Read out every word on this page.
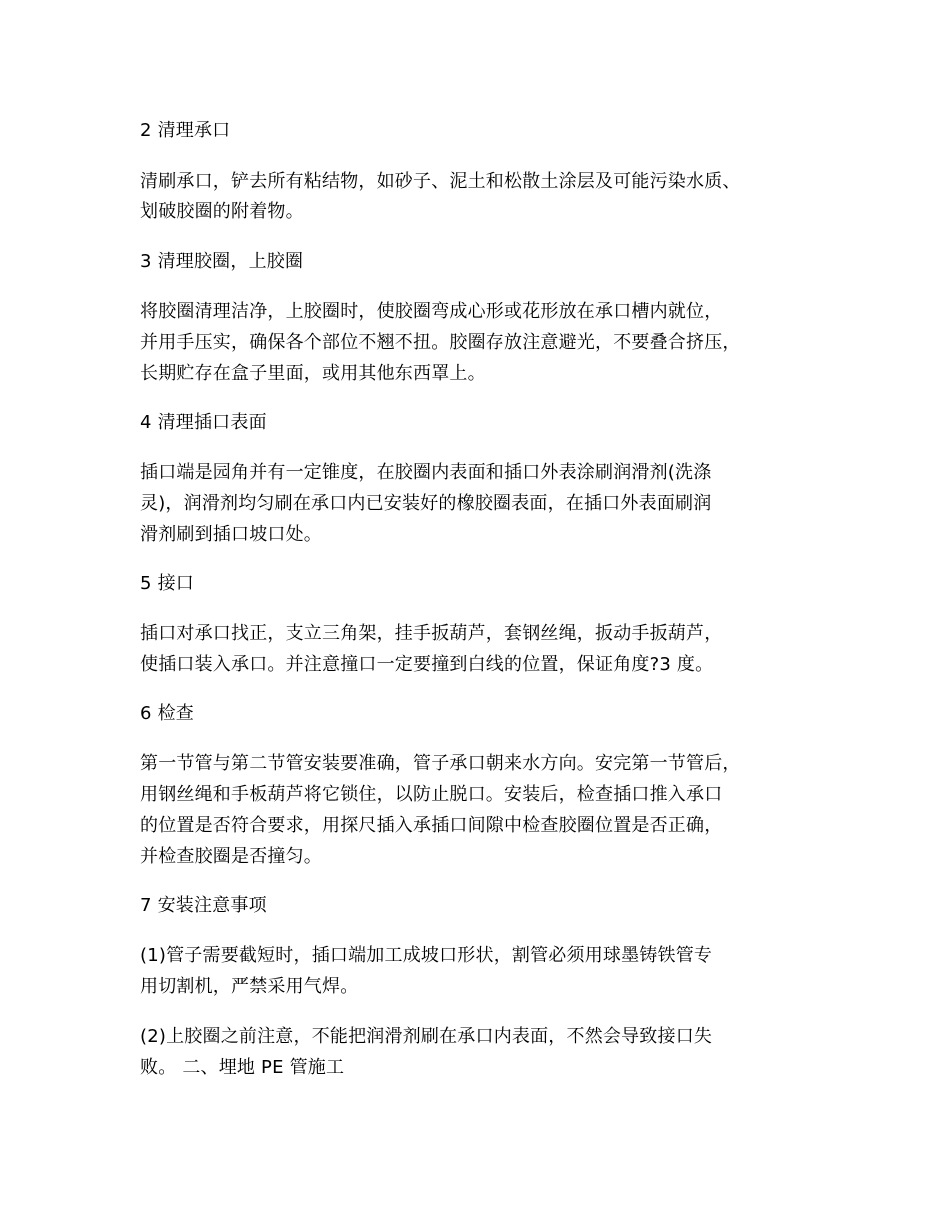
2 清理承口
清刷承口，铲去所有粘结物，如砂子、泥土和松散土涂层及可能污染水质、
划破胶圈的附着物。
3 清理胶圈，上胶圈
将胶圈清理洁净，上胶圈时，使胶圈弯成心形或花形放在承口槽内就位，
并用手压实，确保各个部位不翘不扭。胶圈存放注意避光，不要叠合挤压，
长期贮存在盒子里面，或用其他东西罩上。
4 清理插口表面
插口端是园角并有一定锥度，在胶圈内表面和插口外表涂刷润滑剂(洗涤
灵)，润滑剂均匀刷在承口内已安装好的橡胶圈表面，在插口外表面刷润
滑剂刷到插口坡口处。
5 接口
插口对承口找正，支立三角架，挂手扳葫芦，套钢丝绳，扳动手扳葫芦，
使插口装入承口。并注意撞口一定要撞到白线的位置，保证角度?3 度。
6 检查
第一节管与第二节管安装要准确，管子承口朝来水方向。安完第一节管后，
用钢丝绳和手板葫芦将它锁住，以防止脱口。安装后，检查插口推入承口
的位置是否符合要求，用探尺插入承插口间隙中检查胶圈位置是否正确，
并检查胶圈是否撞匀。
7 安装注意事项
(1)管子需要截短时，插口端加工成坡口形状，割管必须用球墨铸铁管专
用切割机，严禁采用气焊。
(2)上胶圈之前注意，不能把润滑剂刷在承口内表面，不然会导致接口失
败。 二、埋地 PE 管施工
